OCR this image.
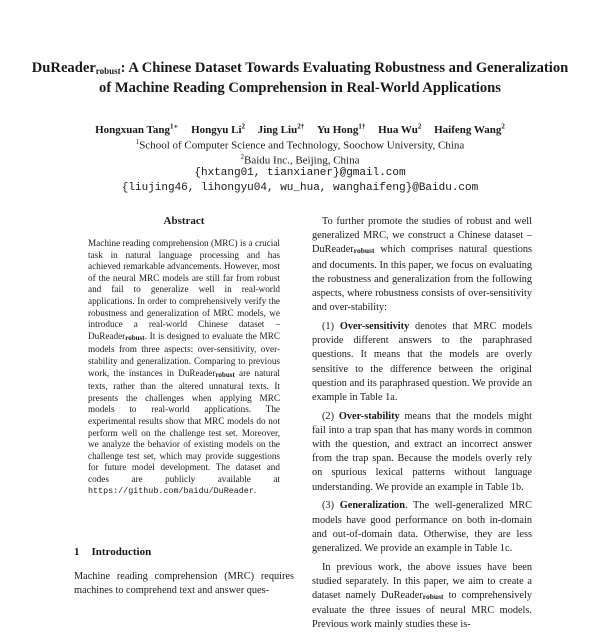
DuReader$_{robust}$: A Chinese Dataset Towards Evaluating Robustness and Generalization of Machine Reading Comprehension in Real-World Applications
Hongxuan Tang$^{1∗}$ Hongyu Li$^2$ Jing Liu$^{2\dagger}$ Yu Hong$^{1\dagger}$ Hua Wu$^2$ Haifeng Wang$^2$
$^1$School of Computer Science and Technology, Soochow University, China
$^2$Baidu Inc., Beijing, China
{hxtang01, tianxianer}@gmail.com
{liujing46, lihongyu04, wu_hua, wanghaifeng}@Baidu.com
Abstract

Machine reading comprehension (MRC) is a crucial task in natural language processing and has achieved remarkable advancements. However, most of the neural MRC models are still far from robust and fail to generalize well in real-world applications. In order to comprehensively verify the robustness and generalization of MRC models, we introduce a real-world Chinese dataset – DuReader$_{robust}$. It is designed to evaluate the MRC models from three aspects: over-sensitivity, over-stability and generalization. Comparing to previous work, the instances in DuReader$_{robust}$ are natural texts, rather than the altered unnatural texts. It presents the challenges when applying MRC models to real-world applications. The experimental results show that MRC models do not perform well on the challenge test set. Moreover, we analyze the behavior of existing models on the challenge test set, which may provide suggestions for future model development. The dataset and codes are publicly available at https://github.com/baidu/DuReader.

1 Introduction

Machine reading comprehension (MRC) requires machines to comprehend text and answer ques-

To further promote the studies of robust and well generalized MRC, we construct a Chinese dataset – DuReader$_{robust}$ which comprises natural questions and documents. In this paper, we focus on evaluating the robustness and generalization from the following aspects, where robustness consists of over-sensitivity and over-stability:

(1) Over-sensitivity denotes that MRC models provide different answers to the paraphrased questions. It means that the models are overly sensitive to the difference between the original question and its paraphrased question. We provide an example in Table 1a.

(2) Over-stability means that the models might fail into a trap span that has many words in common with the question, and extract an incorrect answer from the trap span. Because the models overly rely on spurious lexical patterns without language understanding. We provide an example in Table 1b.

(3) Generalization. The well-generalized MRC models have good performance on both in-domain and out-of-domain data. Otherwise, they are less generalized. We provide an example in Table 1c.

In previous work, the above issues have been studied separately. In this paper, we aim to create a dataset namely DuReader$_{robust}$ to comprehensively evaluate the three issues of neural MRC models. Previous work mainly studies these is-
